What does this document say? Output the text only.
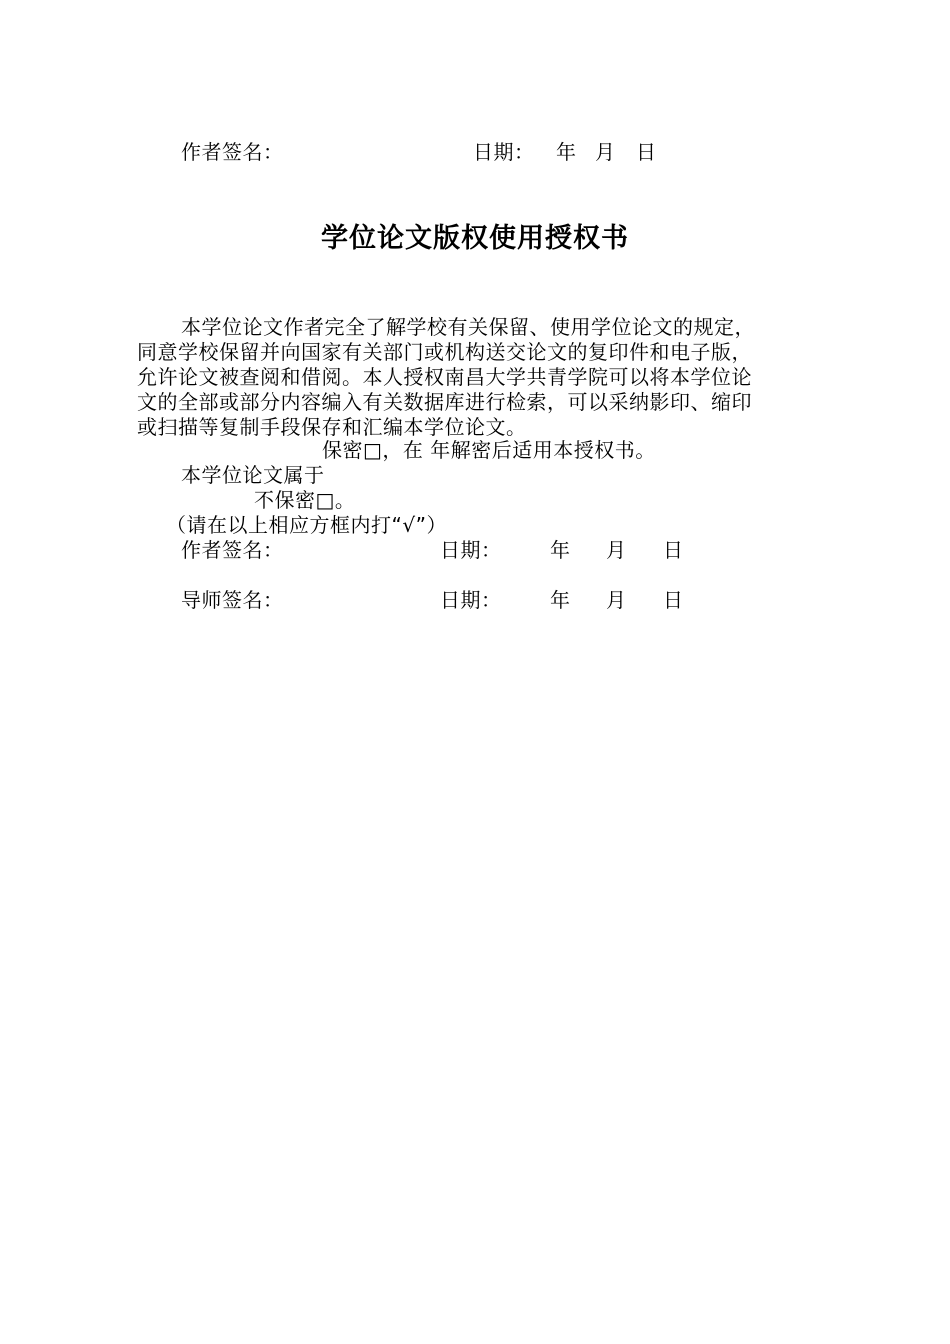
作者签名：	日期： 年 月 日
学位论文版权使用授权书
本学位论文作者完全了解学校有关保留、使用学位论文的规定，
同意学校保留并向国家有关部门或机构送交论文的复印件和电子版，
允许论文被查阅和借阅。本人授权南昌大学共青学院可以将本学位论
文的全部或部分内容编入有关数据库进行检索，可以采纳影印、缩印
或扫描等复制手段保存和汇编本学位论文。
保密□，在 年解密后适用本授权书。
本学位论文属于
不保密□。
（请在以上相应方框内打“√”）
作者签名：	日期： 年 月 日
导师签名：	日期： 年 月 日
